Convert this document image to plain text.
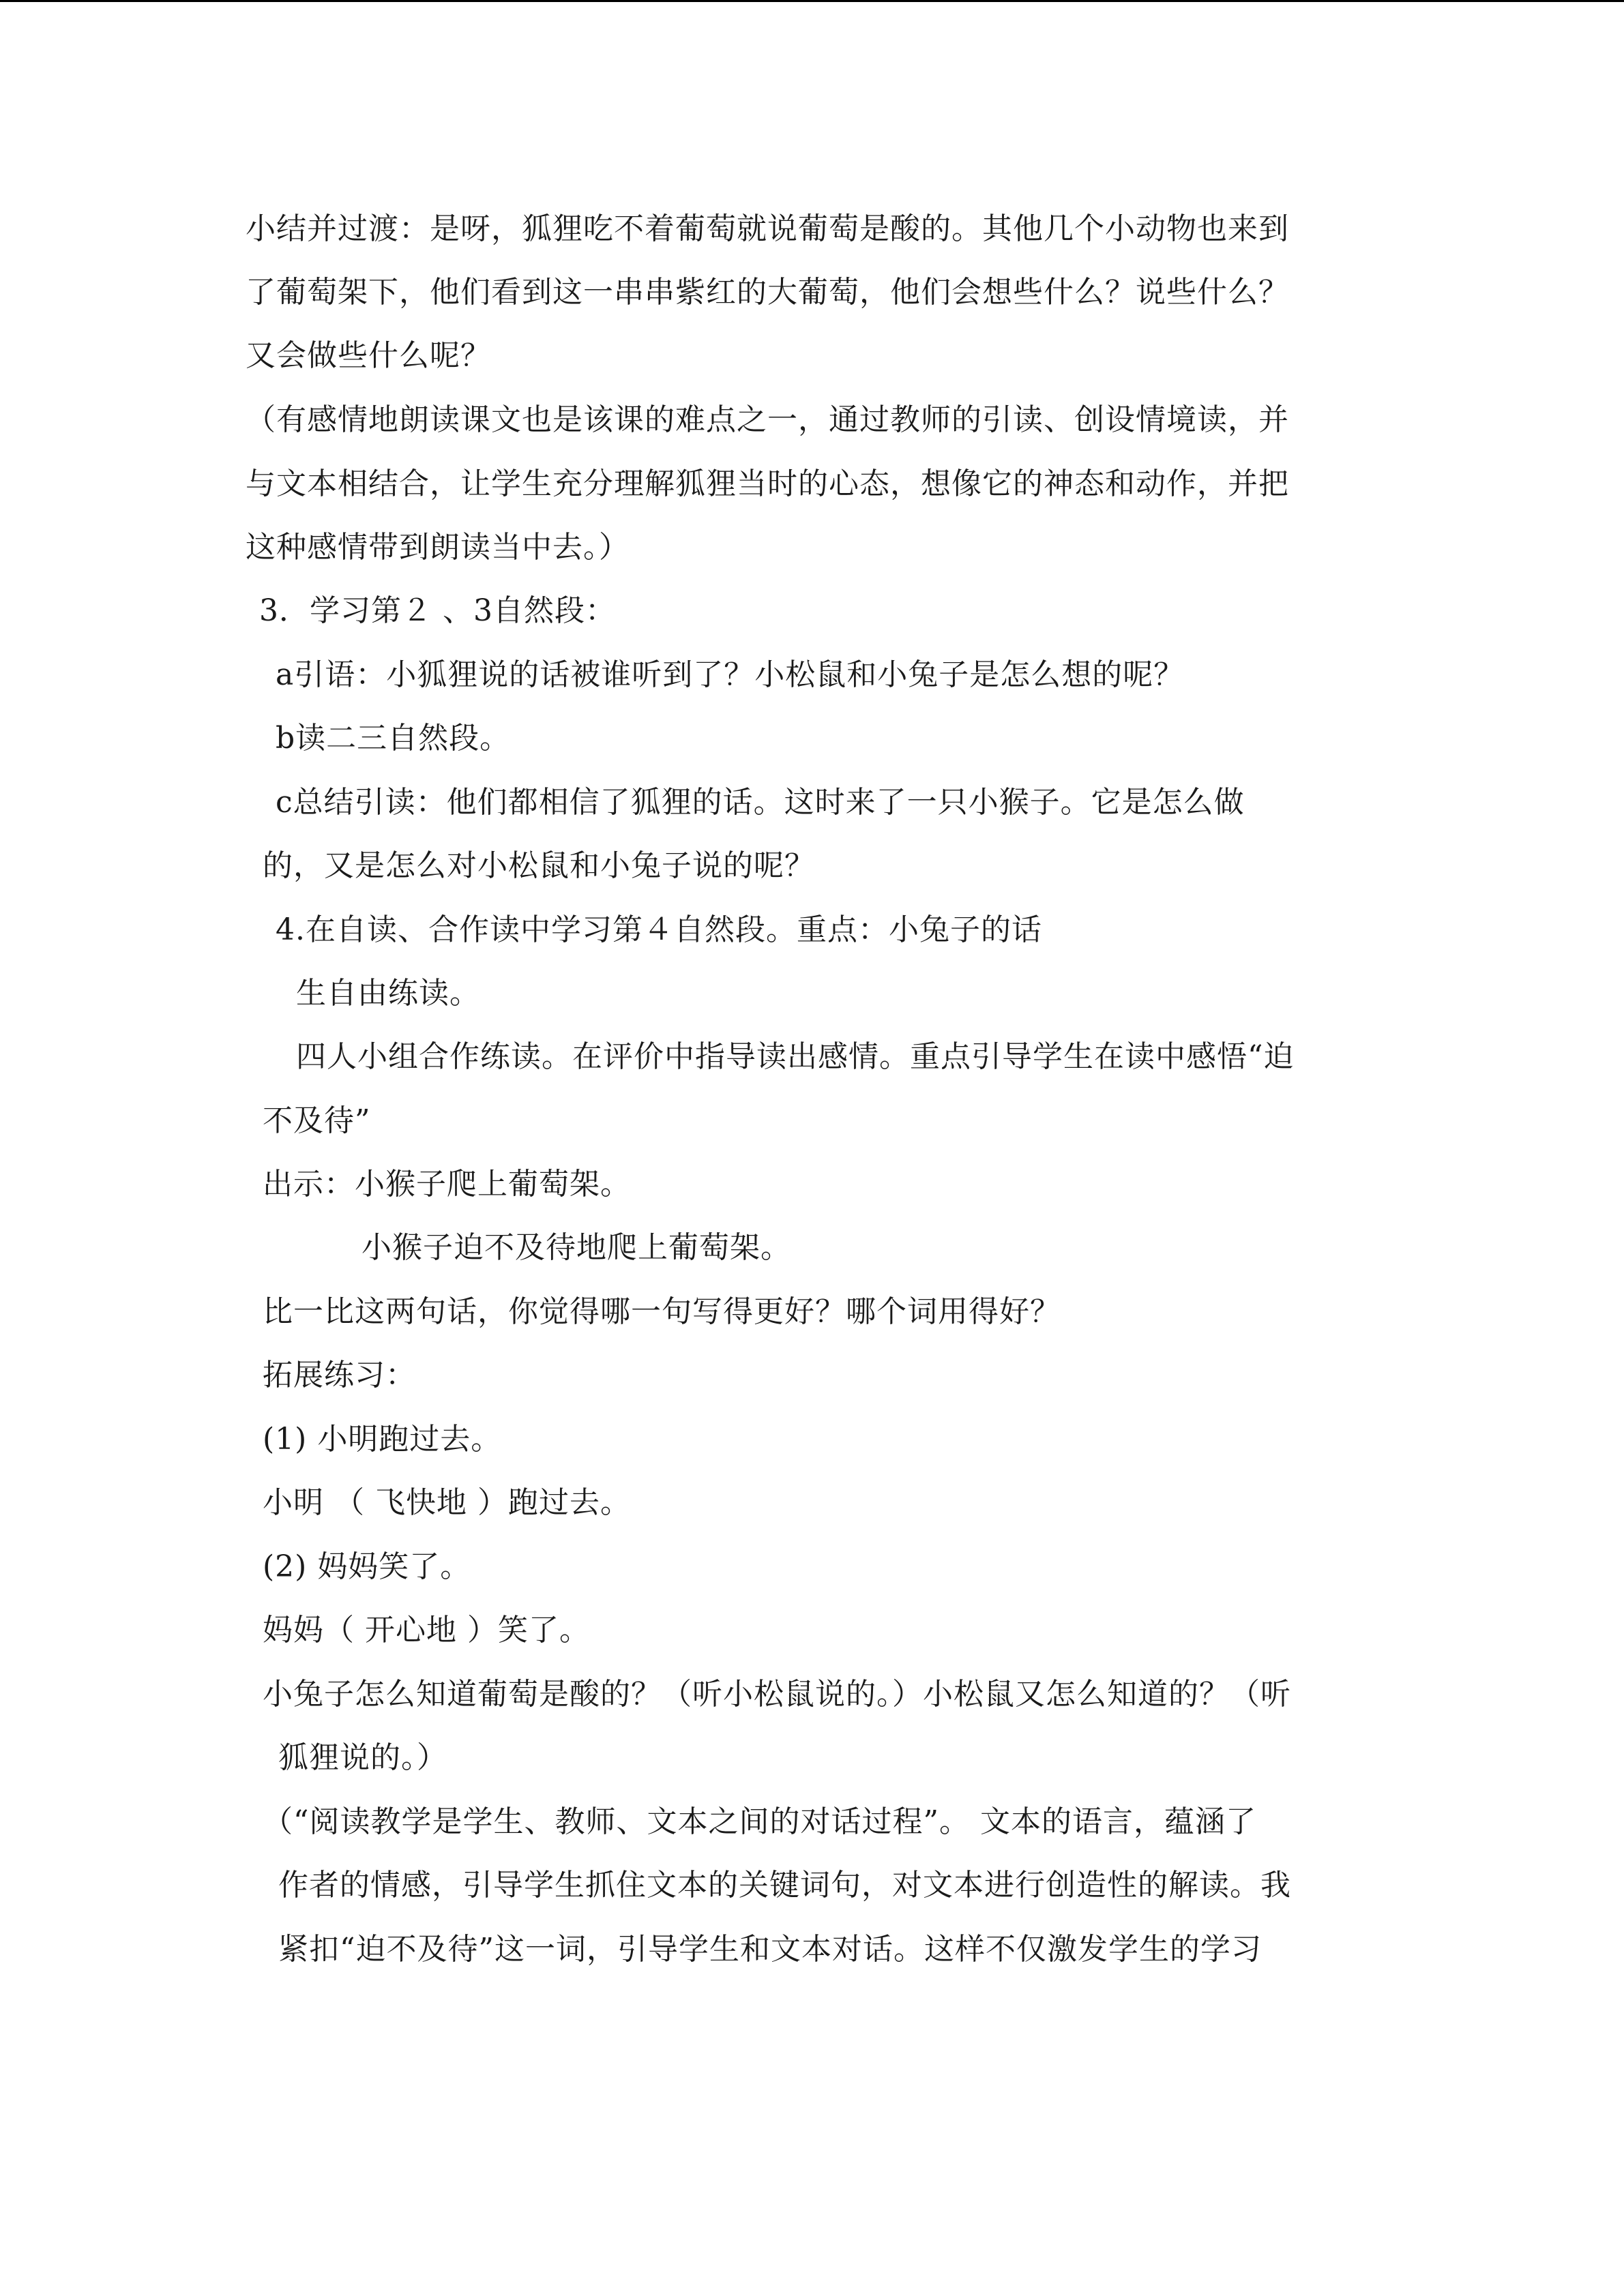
小结并过渡：是呀，狐狸吃不着葡萄就说葡萄是酸的。其他几个小动物也来到
了葡萄架下，他们看到这一串串紫红的大葡萄，他们会想些什么？说些什么？
又会做些什么呢？
（有感情地朗读课文也是该课的难点之一，通过教师的引读、创设情境读，并
与文本相结合，让学生充分理解狐狸当时的心态，想像它的神态和动作，并把
这种感情带到朗读当中去。）
3．学习第２ 、3自然段：
a引语：小狐狸说的话被谁听到了？小松鼠和小兔子是怎么想的呢？
b读二三自然段。
c总结引读：他们都相信了狐狸的话。这时来了一只小猴子。它是怎么做
的，又是怎么对小松鼠和小兔子说的呢？
4.在自读、合作读中学习第４自然段。重点：小兔子的话
生自由练读。
四人小组合作练读。在评价中指导读出感情。重点引导学生在读中感悟“迫
不及待”
出示：小猴子爬上葡萄架。
小猴子迫不及待地爬上葡萄架。
比一比这两句话，你觉得哪一句写得更好？哪个词用得好？
拓展练习：
(1) 小明跑过去。
小明 （ 飞快地 ）跑过去。
(2) 妈妈笑了。
妈妈（ 开心地 ）笑了。
小兔子怎么知道葡萄是酸的？（听小松鼠说的。）小松鼠又怎么知道的？（听
狐狸说的。）
（“阅读教学是学生、教师、文本之间的对话过程”。 文本的语言，蕴涵了
作者的情感，引导学生抓住文本的关键词句，对文本进行创造性的解读。我
紧扣“迫不及待”这一词，引导学生和文本对话。这样不仅激发学生的学习
